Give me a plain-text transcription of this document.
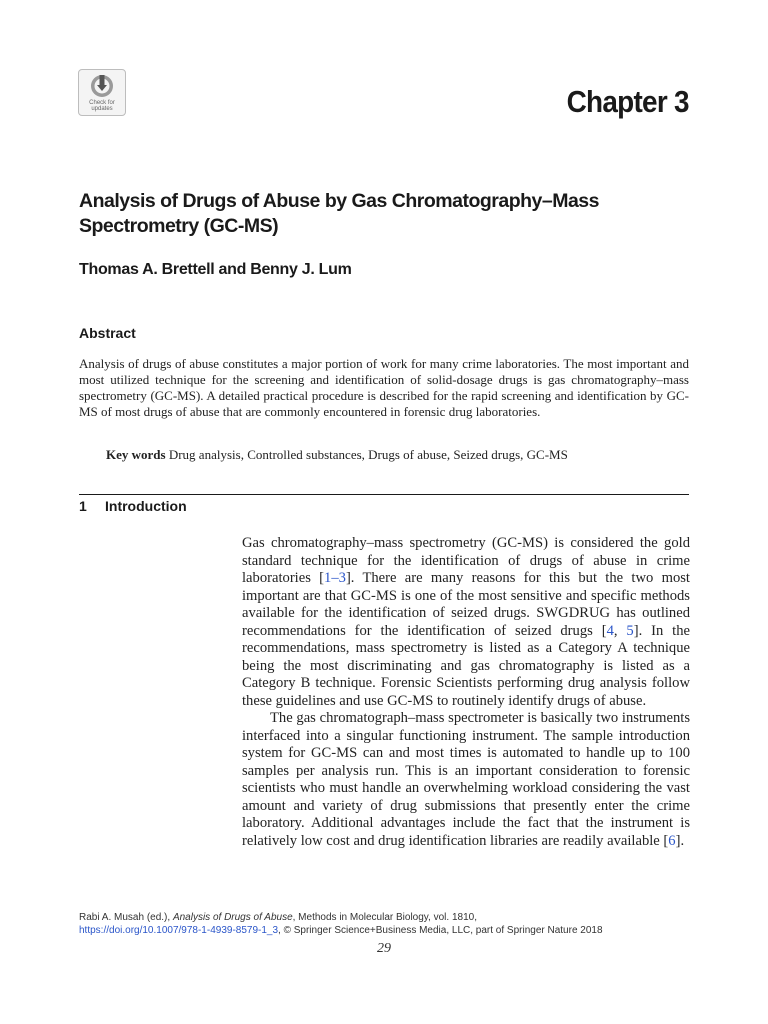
Check for
updates	Chapter 3
Analysis of Drugs of Abuse by Gas Chromatography–Mass Spectrometry (GC-MS)
Thomas A. Brettell and Benny J. Lum
Abstract
Analysis of drugs of abuse constitutes a major portion of work for many crime laboratories. The most important and most utilized technique for the screening and identification of solid-dosage drugs is gas chromatography–mass spectrometry (GC-MS). A detailed practical procedure is described for the rapid screening and identification by GC-MS of most drugs of abuse that are commonly encountered in forensic drug laboratories.
Key words Drug analysis, Controlled substances, Drugs of abuse, Seized drugs, GC-MS
1 Introduction

Gas chromatography–mass spectrometry (GC-MS) is considered the gold standard technique for the identification of drugs of abuse in crime laboratories [1–3]. There are many reasons for this but the two most important are that GC-MS is one of the most sensitive and specific methods available for the identification of seized drugs. SWGDRUG has outlined recommendations for the identification of seized drugs [4, 5]. In the recommendations, mass spectrometry is listed as a Category A technique being the most discriminating and gas chromatography is listed as a Category B technique. Forensic Scientists performing drug analysis follow these guidelines and use GC-MS to routinely identify drugs of abuse.

The gas chromatograph–mass spectrometer is basically two instruments interfaced into a singular functioning instrument. The sample introduction system for GC-MS can and most times is automated to handle up to 100 samples per analysis run. This is an important consideration to forensic scientists who must handle an overwhelming workload considering the vast amount and variety of drug submissions that presently enter the crime laboratory. Additional advantages include the fact that the instrument is relatively low cost and drug identification libraries are readily available [6].

Rabi A. Musah (ed.), Analysis of Drugs of Abuse, Methods in Molecular Biology, vol. 1810,
https://doi.org/10.1007/978-1-4939-8579-1_3, © Springer Science+Business Media, LLC, part of Springer Nature 2018
29
